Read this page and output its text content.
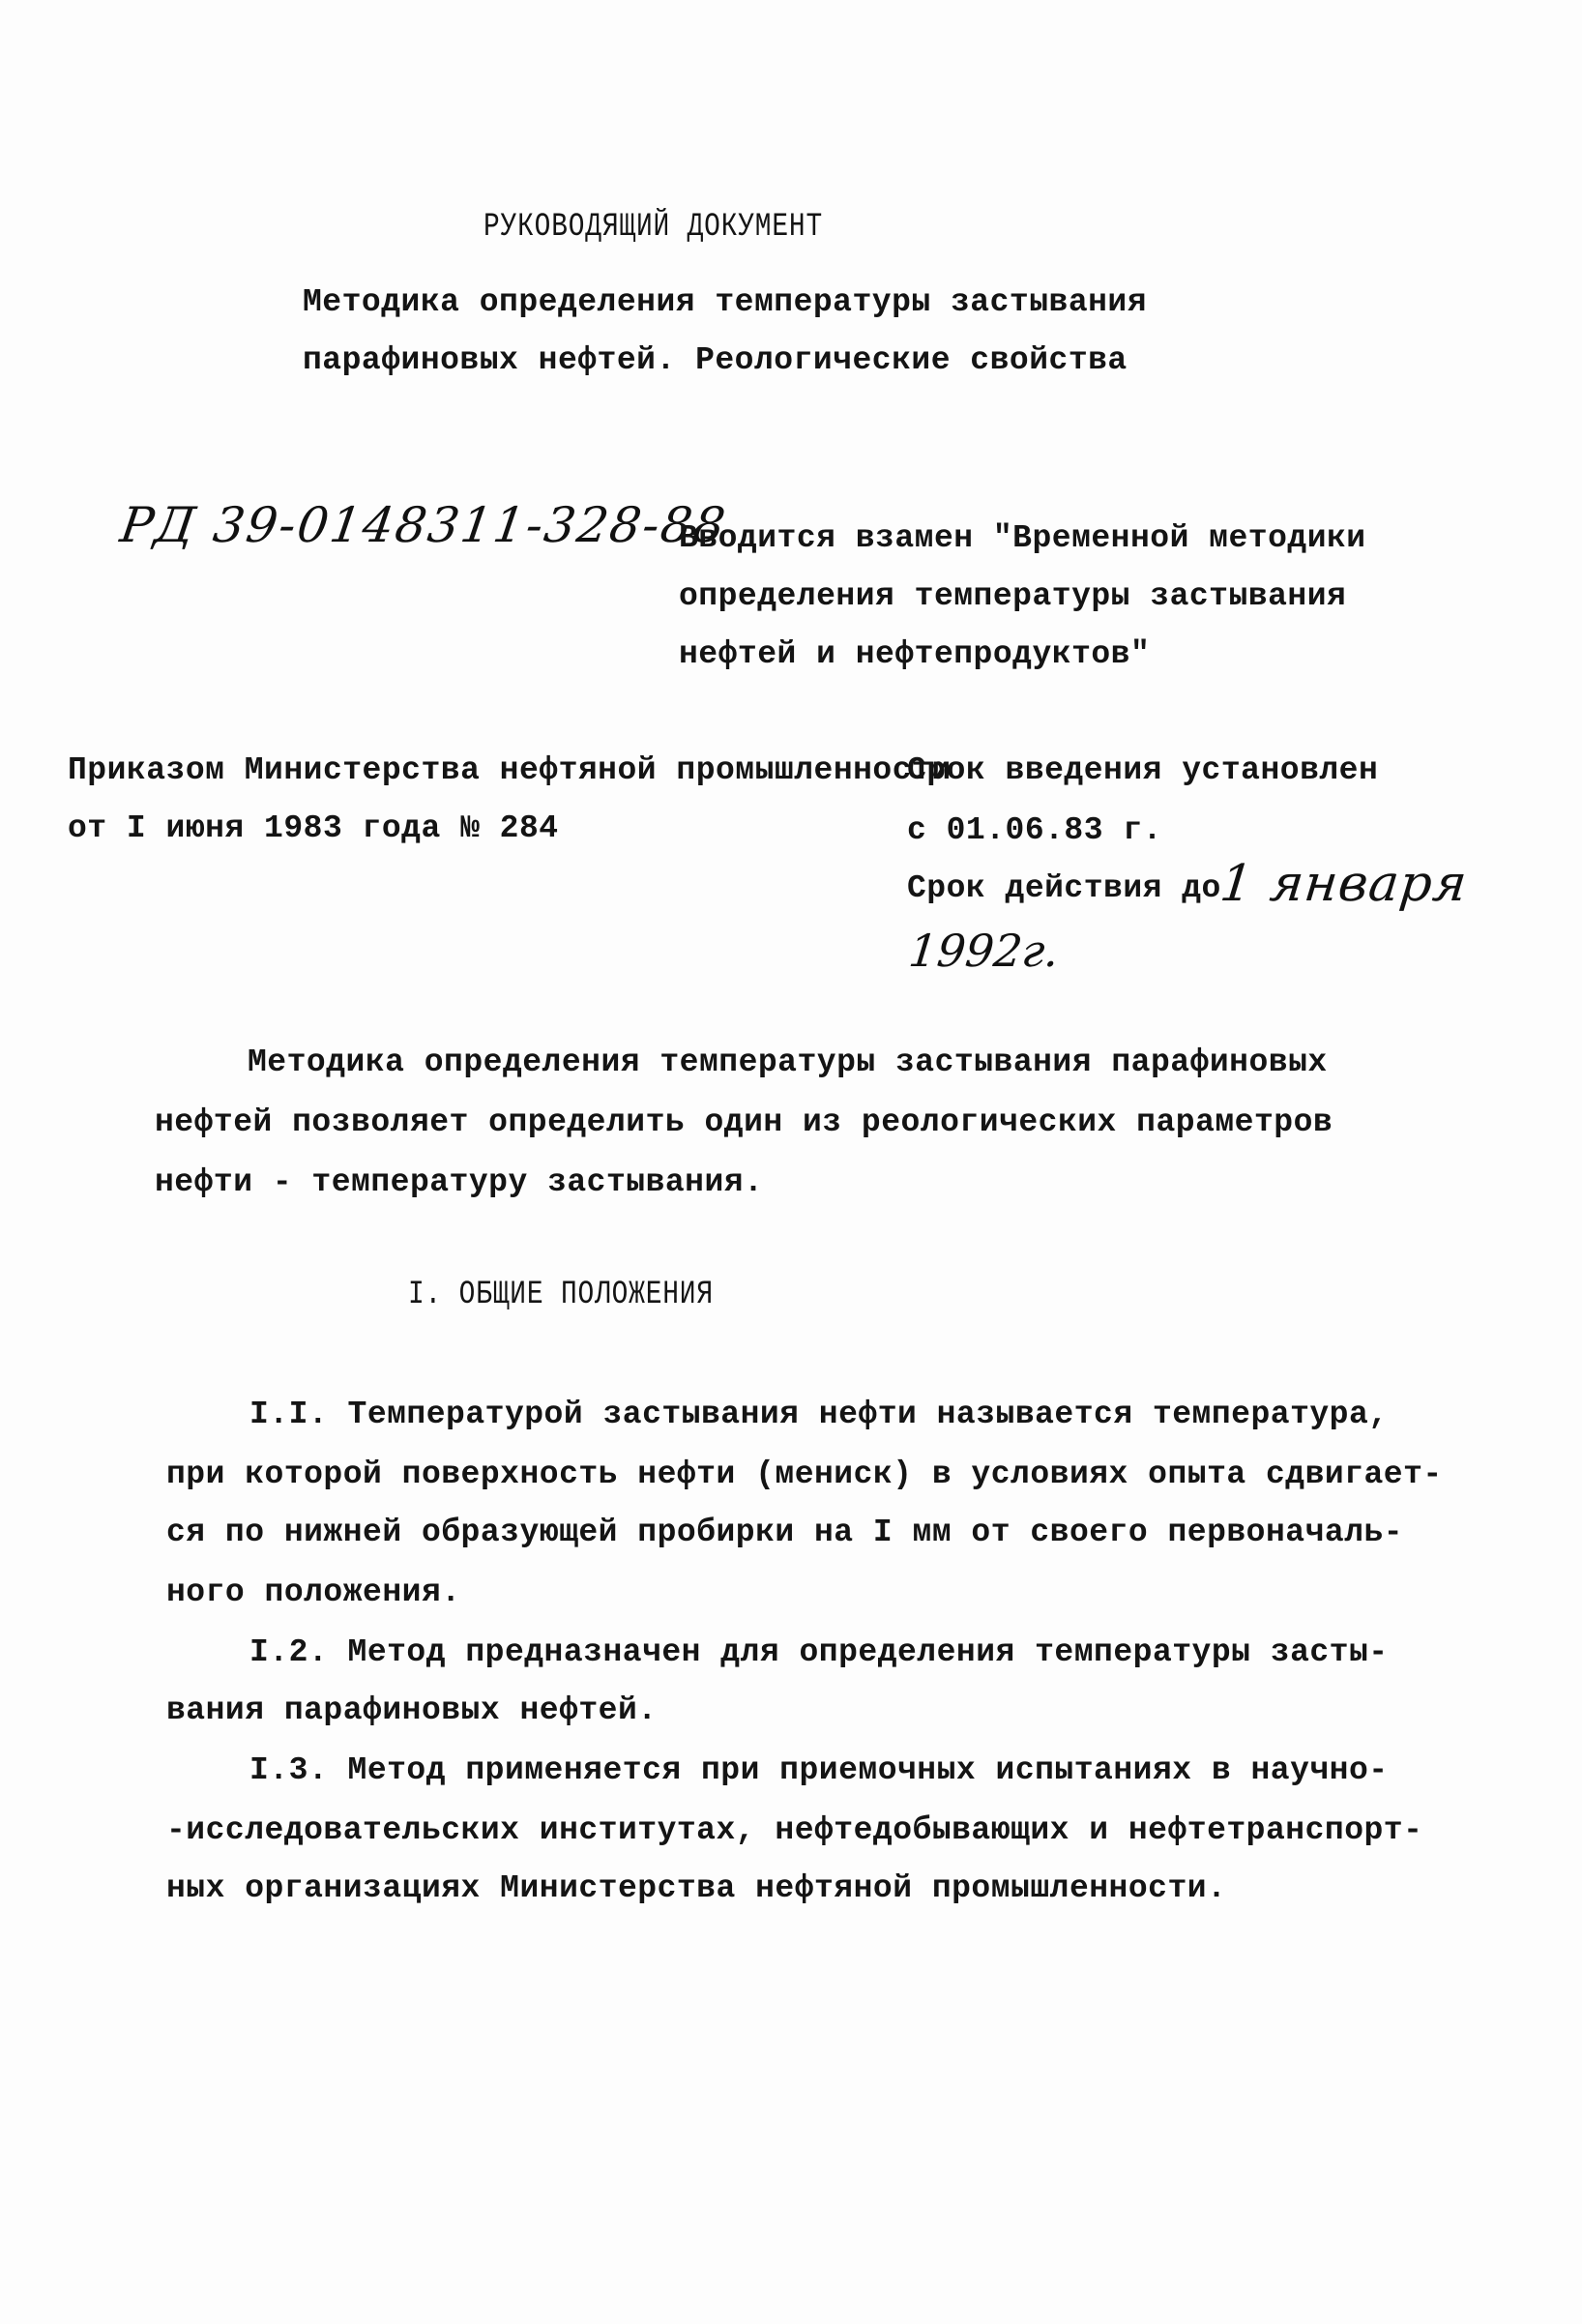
РУКОВОДЯЩИЙ ДОКУМЕНТ
Методика определения температуры застывания
парафиновых нефтей. Реологические свойства
РД 39-0148311-328-88
Вводится взамен "Временной методики
определения температуры застывания
нефтей и нефтепродуктов"
Приказом Министерства нефтяной промышленности
от I июня 1983 года № 284
Срок введения установлен
с 01.06.83 г.
Срок действия до
1 января
1992г.
Методика определения температуры застывания парафиновых
нефтей позволяет определить один из реологических параметров
нефти - температуру застывания.
I. ОБЩИЕ ПОЛОЖЕНИЯ
I.I. Температурой застывания нефти называется температура,
при которой поверхность нефти (мениск) в условиях опыта сдвигает-
ся по нижней образующей пробирки на I мм от своего первоначаль-
ного положения.
I.2. Метод предназначен для определения температуры засты-
вания парафиновых нефтей.
I.3. Метод применяется при приемочных испытаниях в научно-
-исследовательских институтах, нефтедобывающих и нефтетранспорт-
ных организациях Министерства нефтяной промышленности.
